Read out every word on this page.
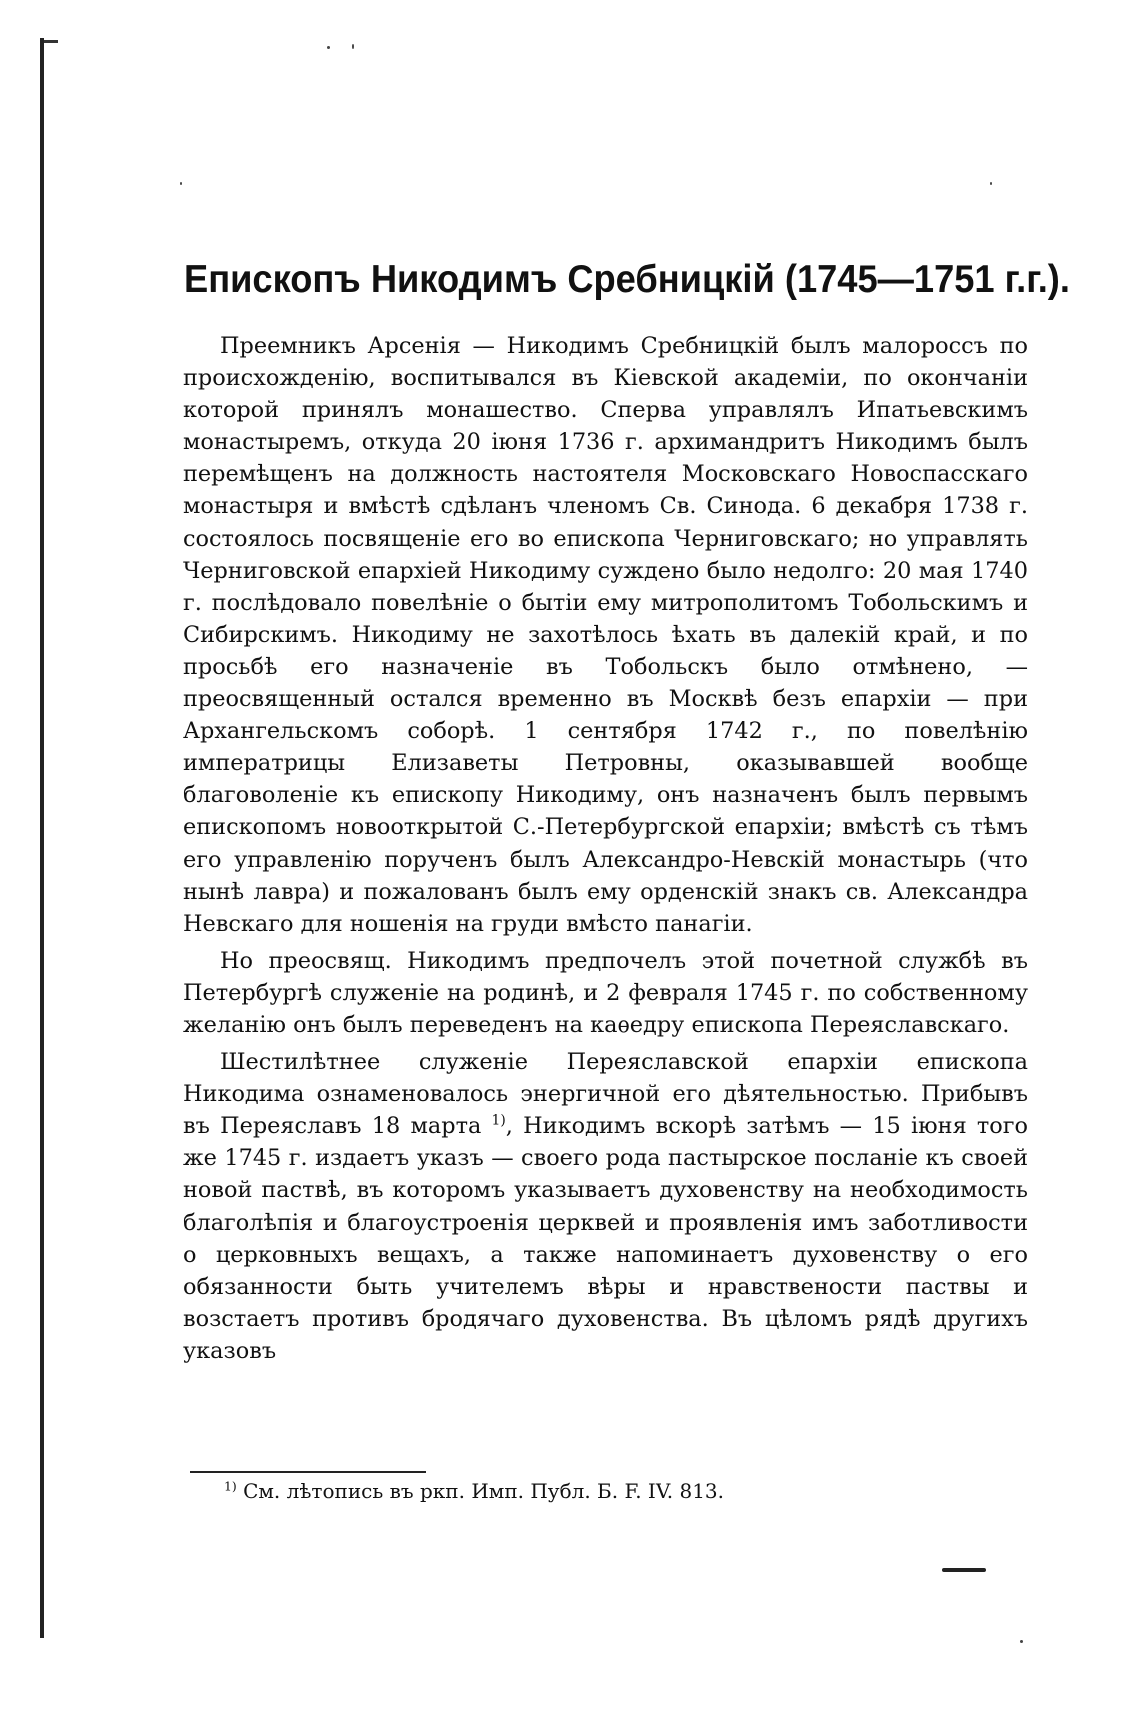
Епископъ Никодимъ Сребницкій (1745—1751 г.г.).

Преемникъ Арсенія — Никодимъ Сребницкій былъ малороссъ по происхожденію, воспитывался въ Кіевской академіи, по окончаніи которой принялъ монашество. Сперва управлялъ Ипатьевскимъ монастыремъ, откуда 20 іюня 1736 г. архимандритъ Никодимъ былъ перемѣщенъ на должность настоятеля Московскаго Новоспасскаго монастыря и вмѣстѣ сдѣланъ членомъ Св. Синода. 6 декабря 1738 г. состоялось посвященіе его во епископа Черниговскаго; но управлять Черниговской епархіей Никодиму суждено было недолго: 20 мая 1740 г. послѣдовало повелѣніе о бытіи ему митрополитомъ Тобольскимъ и Сибирскимъ. Никодиму не захотѣлось ѣхать въ далекій край, и по просьбѣ его назначеніе въ Тобольскъ было отмѣнено, — преосвященный остался временно въ Москвѣ безъ епархіи — при Архангельскомъ соборѣ. 1 сентября 1742 г., по повелѣнію императрицы Елизаветы Петровны, оказывавшей вообще благоволеніе къ епископу Никодиму, онъ назначенъ былъ первымъ епископомъ новооткрытой С.-Петербургской епархіи; вмѣстѣ съ тѣмъ его управленію порученъ былъ Александро-Невскій монастырь (что нынѣ лавра) и пожалованъ былъ ему орденскій знакъ св. Александра Невскаго для ношенія на груди вмѣсто панагіи.

Но преосвящ. Никодимъ предпочелъ этой почетной службѣ въ Петербургѣ служеніе на родинѣ, и 2 февраля 1745 г. по собственному желанію онъ былъ переведенъ на каѳедру епископа Переяславскаго.

Шестилѣтнее служеніе Переяславской епархіи епископа Никодима ознаменовалось энергичной его дѣятельностью. Прибывъ въ Переяславъ 18 марта $^{1)}$, Никодимъ вскорѣ затѣмъ — 15 іюня того же 1745 г. издаетъ указъ — своего рода пастырское посланіе къ своей новой паствѣ, въ которомъ указываетъ духовенству на необходимость благолѣпія и благоустроенія церквей и проявленія имъ заботливости о церковныхъ вещахъ, а также напоминаетъ духовенству о его обязанности быть учителемъ вѣры и нравствености паствы и возстаетъ противъ бродячаго духовенства. Въ цѣломъ рядѣ другихъ указовъ

$^{1)}$ См. лѣтопись въ ркп. Имп. Публ. Б. F. IV. 813.
